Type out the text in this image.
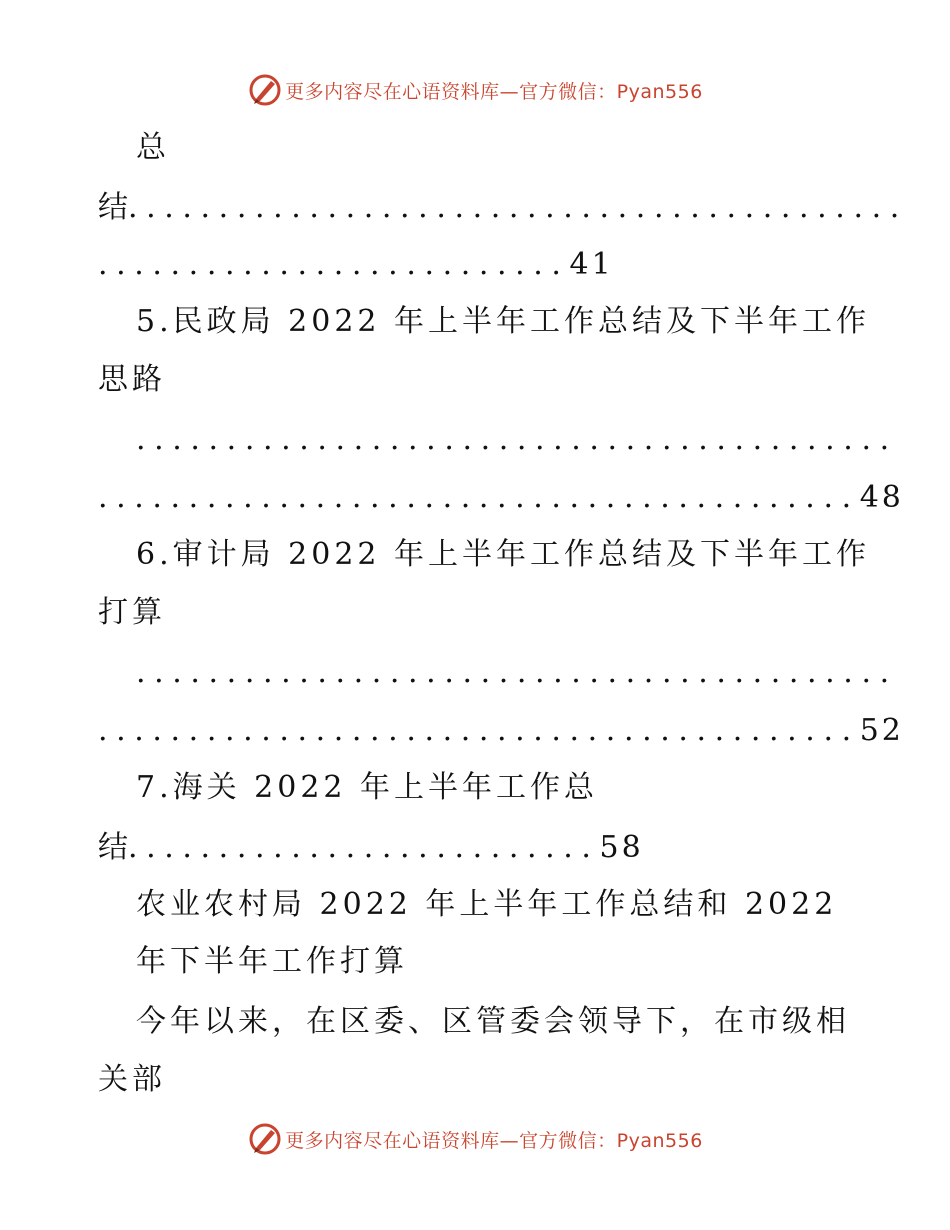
更多内容尽在心语资料库—官方微信：Pyan556
总
结...........................................
..........................41
5.民政局 2022 年上半年工作总结及下半年工作
思路
..........................................
..........................................48
6.审计局 2022 年上半年工作总结及下半年工作
打算
..........................................
..........................................52
7.海关 2022 年上半年工作总
结..........................58
农业农村局 2022 年上半年工作总结和 2022
年下半年工作打算
今年以来，在区委、区管委会领导下，在市级相
关部
更多内容尽在心语资料库—官方微信：Pyan556
